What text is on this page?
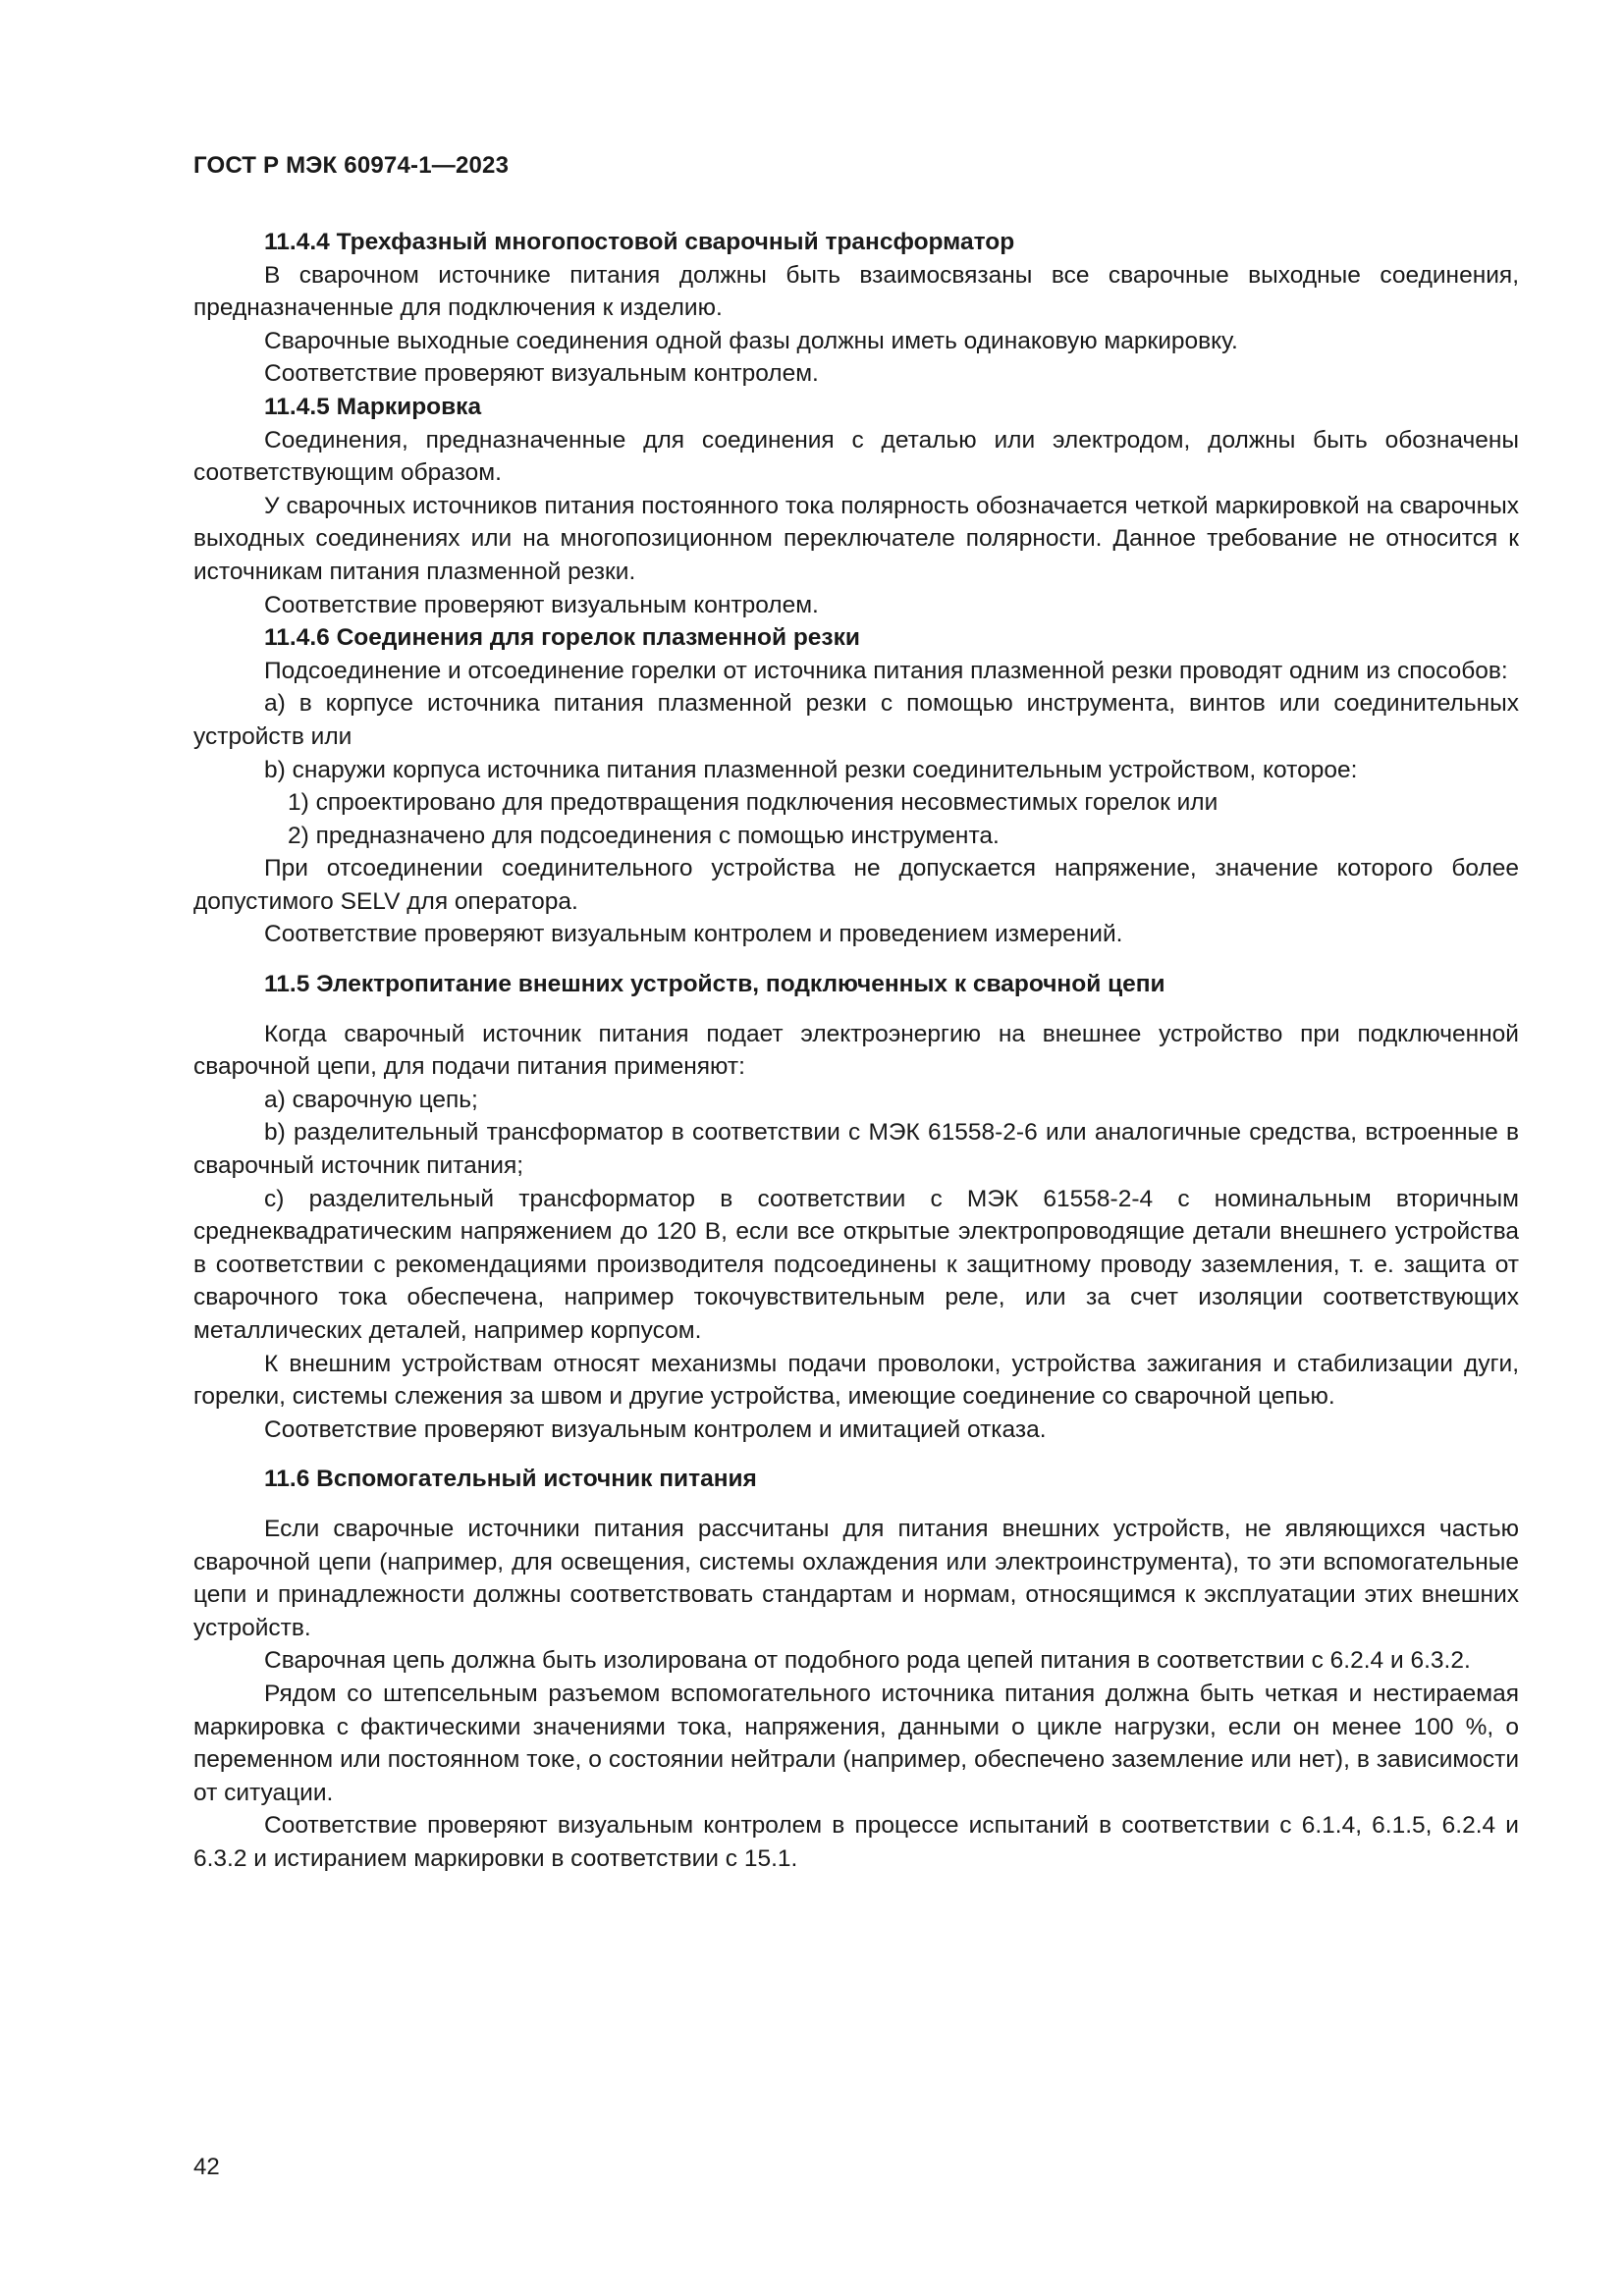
ГОСТ Р МЭК 60974-1—2023

11.4.4 Трехфазный многопостовой сварочный трансформатор

В сварочном источнике питания должны быть взаимосвязаны все сварочные выходные соединения, предназначенные для подключения к изделию.

Сварочные выходные соединения одной фазы должны иметь одинаковую маркировку.

Соответствие проверяют визуальным контролем.

11.4.5 Маркировка

Соединения, предназначенные для соединения с деталью или электродом, должны быть обозначены соответствующим образом.

У сварочных источников питания постоянного тока полярность обозначается четкой маркировкой на сварочных выходных соединениях или на многопозиционном переключателе полярности. Данное требование не относится к источникам питания плазменной резки.

Соответствие проверяют визуальным контролем.

11.4.6 Соединения для горелок плазменной резки

Подсоединение и отсоединение горелки от источника питания плазменной резки проводят одним из способов:

a) в корпусе источника питания плазменной резки с помощью инструмента, винтов или соединительных устройств или

b) снаружи корпуса источника питания плазменной резки соединительным устройством, которое:

1) спроектировано для предотвращения подключения несовместимых горелок или

2) предназначено для подсоединения с помощью инструмента.

При отсоединении соединительного устройства не допускается напряжение, значение которого более допустимого SELV для оператора.

Соответствие проверяют визуальным контролем и проведением измерений.

11.5 Электропитание внешних устройств, подключенных к сварочной цепи

Когда сварочный источник питания подает электроэнергию на внешнее устройство при подключенной сварочной цепи, для подачи питания применяют:

a) сварочную цепь;

b) разделительный трансформатор в соответствии с МЭК 61558-2-6 или аналогичные средства, встроенные в сварочный источник питания;

c) разделительный трансформатор в соответствии с МЭК 61558-2-4 с номинальным вторичным среднеквадратическим напряжением до 120 В, если все открытые электропроводящие детали внешнего устройства в соответствии с рекомендациями производителя подсоединены к защитному проводу заземления, т. е. защита от сварочного тока обеспечена, например токочувствительным реле, или за счет изоляции соответствующих металлических деталей, например корпусом.

К внешним устройствам относят механизмы подачи проволоки, устройства зажигания и стабилизации дуги, горелки, системы слежения за швом и другие устройства, имеющие соединение со сварочной цепью.

Соответствие проверяют визуальным контролем и имитацией отказа.

11.6 Вспомогательный источник питания

Если сварочные источники питания рассчитаны для питания внешних устройств, не являющихся частью сварочной цепи (например, для освещения, системы охлаждения или электроинструмента), то эти вспомогательные цепи и принадлежности должны соответствовать стандартам и нормам, относящимся к эксплуатации этих внешних устройств.

Сварочная цепь должна быть изолирована от подобного рода цепей питания в соответствии с 6.2.4 и 6.3.2.

Рядом со штепсельным разъемом вспомогательного источника питания должна быть четкая и нестираемая маркировка с фактическими значениями тока, напряжения, данными о цикле нагрузки, если он менее 100 %, о переменном или постоянном токе, о состоянии нейтрали (например, обеспечено заземление или нет), в зависимости от ситуации.

Соответствие проверяют визуальным контролем в процессе испытаний в соответствии с 6.1.4, 6.1.5, 6.2.4 и 6.3.2 и истиранием маркировки в соответствии с 15.1.

42
